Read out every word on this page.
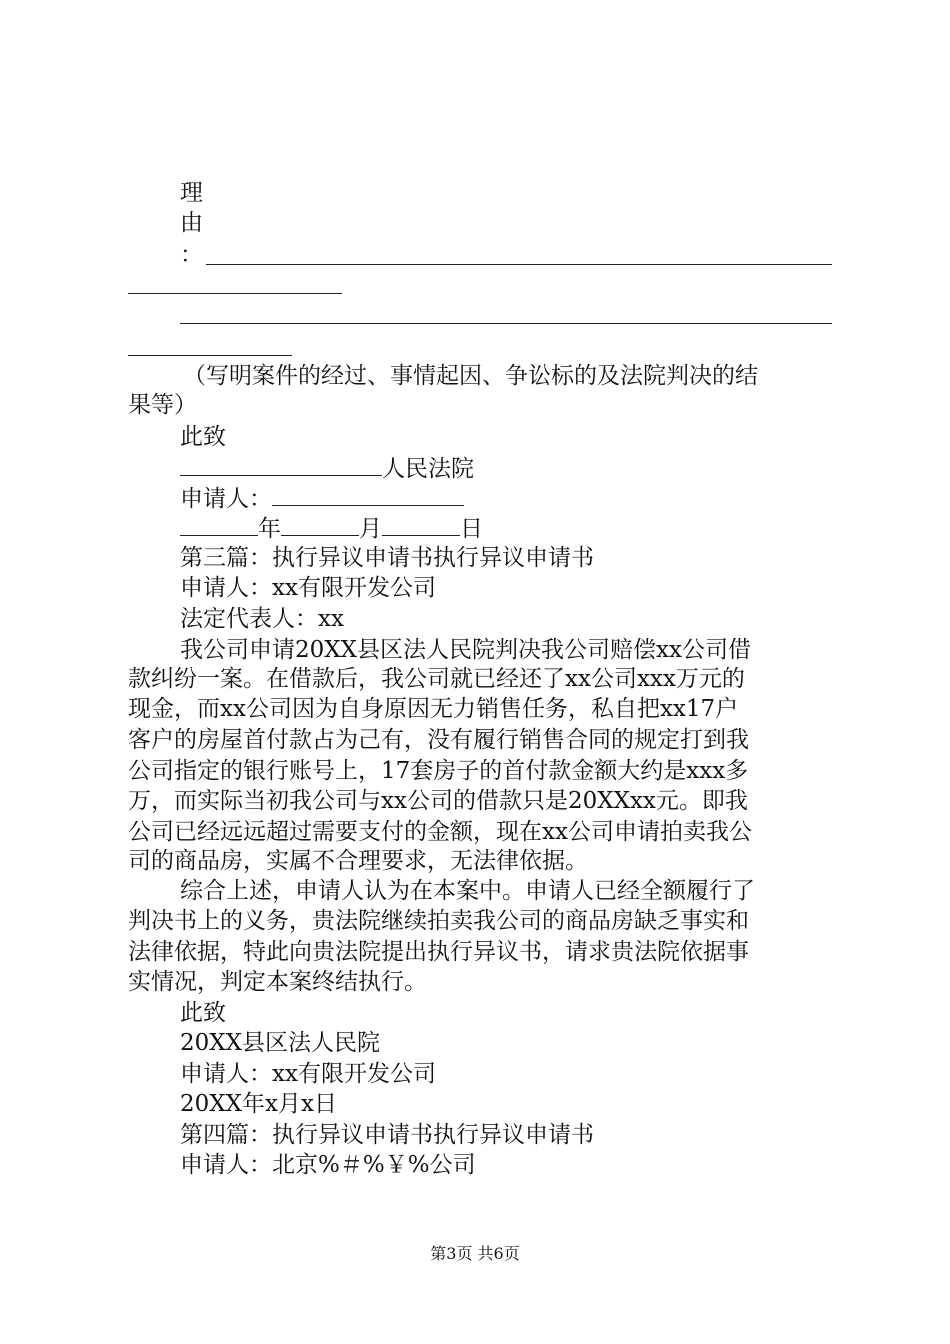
理
由
：
（写明案件的经过、事情起因、争讼标的及法院判决的结
果等）
此致
人民法院
申请人：
年	月	日
第三篇：执行异议申请书执行异议申请书
申请人：xx有限开发公司
法定代表人：xx
我公司申请20XX县区法人民院判决我公司赔偿xx公司借
款纠纷一案。在借款后，我公司就已经还了xx公司xxx万元的
现金，而xx公司因为自身原因无力销售任务，私自把xx17户
客户的房屋首付款占为己有，没有履行销售合同的规定打到我
公司指定的银行账号上，17套房子的首付款金额大约是xxx多
万，而实际当初我公司与xx公司的借款只是20XXxx元。即我
公司已经远远超过需要支付的金额，现在xx公司申请拍卖我公
司的商品房，实属不合理要求，无法律依据。
综合上述，申请人认为在本案中。申请人已经全额履行了
判决书上的义务，贵法院继续拍卖我公司的商品房缺乏事实和
法律依据，特此向贵法院提出执行异议书，请求贵法院依据事
实情况，判定本案终结执行。
此致
20XX县区法人民院
申请人：xx有限开发公司
20XX年x月x日
第四篇：执行异议申请书执行异议申请书
申请人：北京%＃%￥%公司
第3页 共6页
